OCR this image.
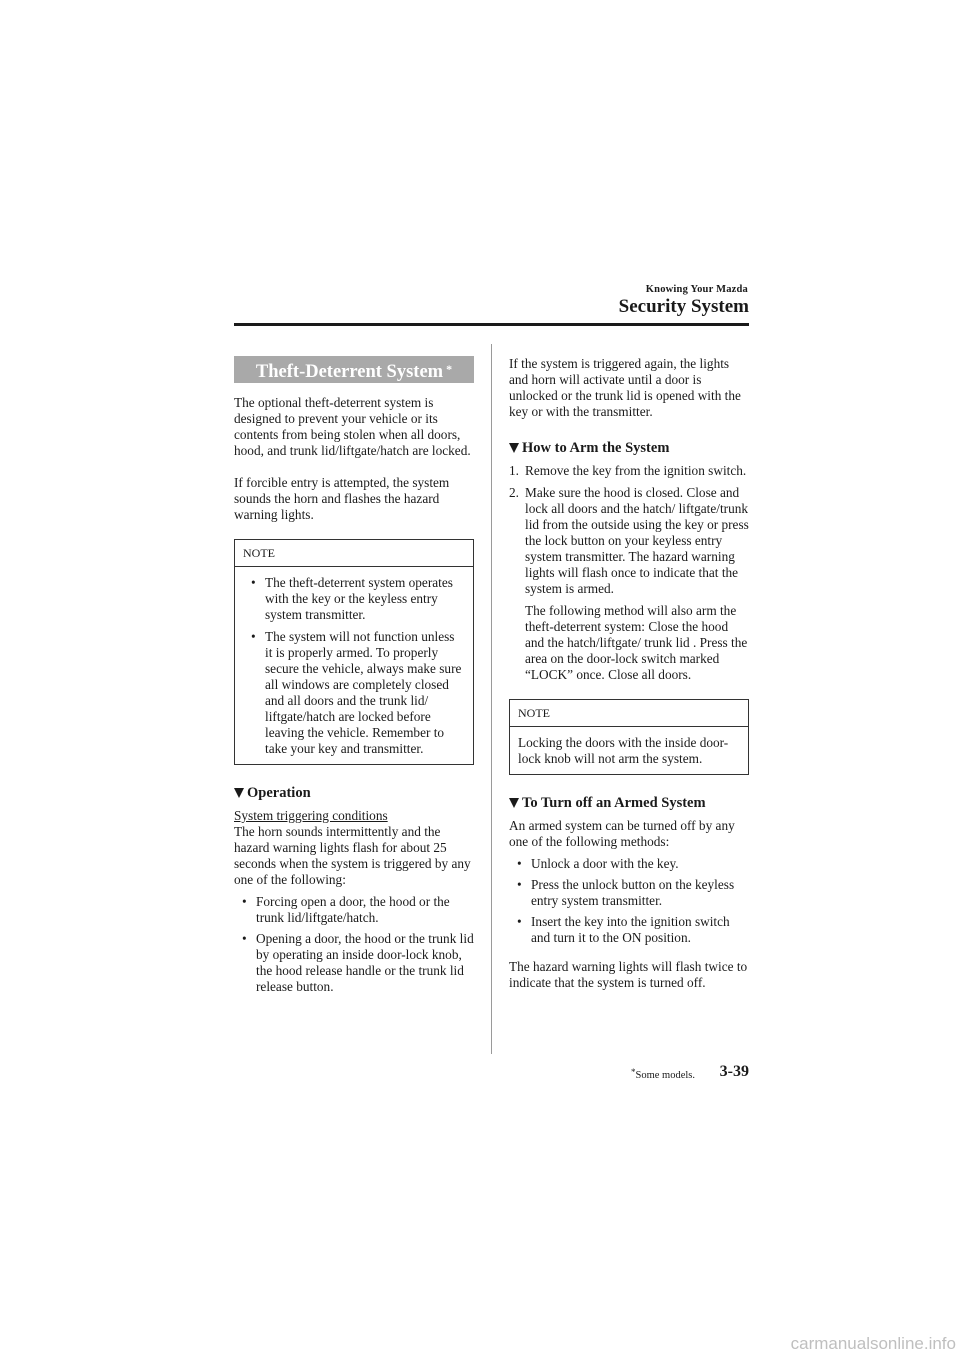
Knowing Your Mazda
Security System
Theft-Deterrent System *

The optional theft-deterrent system is designed to prevent your vehicle or its contents from being stolen when all doors, hood, and trunk lid/liftgate/hatch are locked.

If forcible entry is attempted, the system sounds the horn and flashes the hazard warning lights.

NOTE
• The theft-deterrent system operates with the key or the keyless entry system transmitter.
• The system will not function unless it is properly armed. To properly secure the vehicle, always make sure all windows are completely closed and all doors and the trunk lid/ liftgate/hatch are locked before leaving the vehicle. Remember to take your key and transmitter.
Operation

System triggering conditions

The horn sounds intermittently and the hazard warning lights flash for about 25 seconds when the system is triggered by any one of the following:

• Forcing open a door, the hood or the trunk lid/liftgate/hatch.
• Opening a door, the hood or the trunk lid by operating an inside door-lock knob, the hood release handle or the trunk lid release button.

If the system is triggered again, the lights and horn will activate until a door is unlocked or the trunk lid is opened with the key or with the transmitter.

How to Arm the System
1. Remove the key from the ignition switch.
2. Make sure the hood is closed. Close and lock all doors and the hatch/ liftgate/trunk lid from the outside using the key or press the lock button on your keyless entry system transmitter. The hazard warning lights will flash once to indicate that the system is armed.
The following method will also arm the theft-deterrent system: Close the hood and the hatch/liftgate/ trunk lid . Press the area on the door-lock switch marked “LOCK” once. Close all doors.
NOTE
Locking the doors with the inside door-lock knob will not arm the system.
To Turn off an Armed System

An armed system can be turned off by any one of the following methods:

• Unlock a door with the key.
• Press the unlock button on the keyless entry system transmitter.
• Insert the key into the ignition switch and turn it to the ON position.

The hazard warning lights will flash twice to indicate that the system is turned off.

*Some models. 3-39
carmanualsonline.info
